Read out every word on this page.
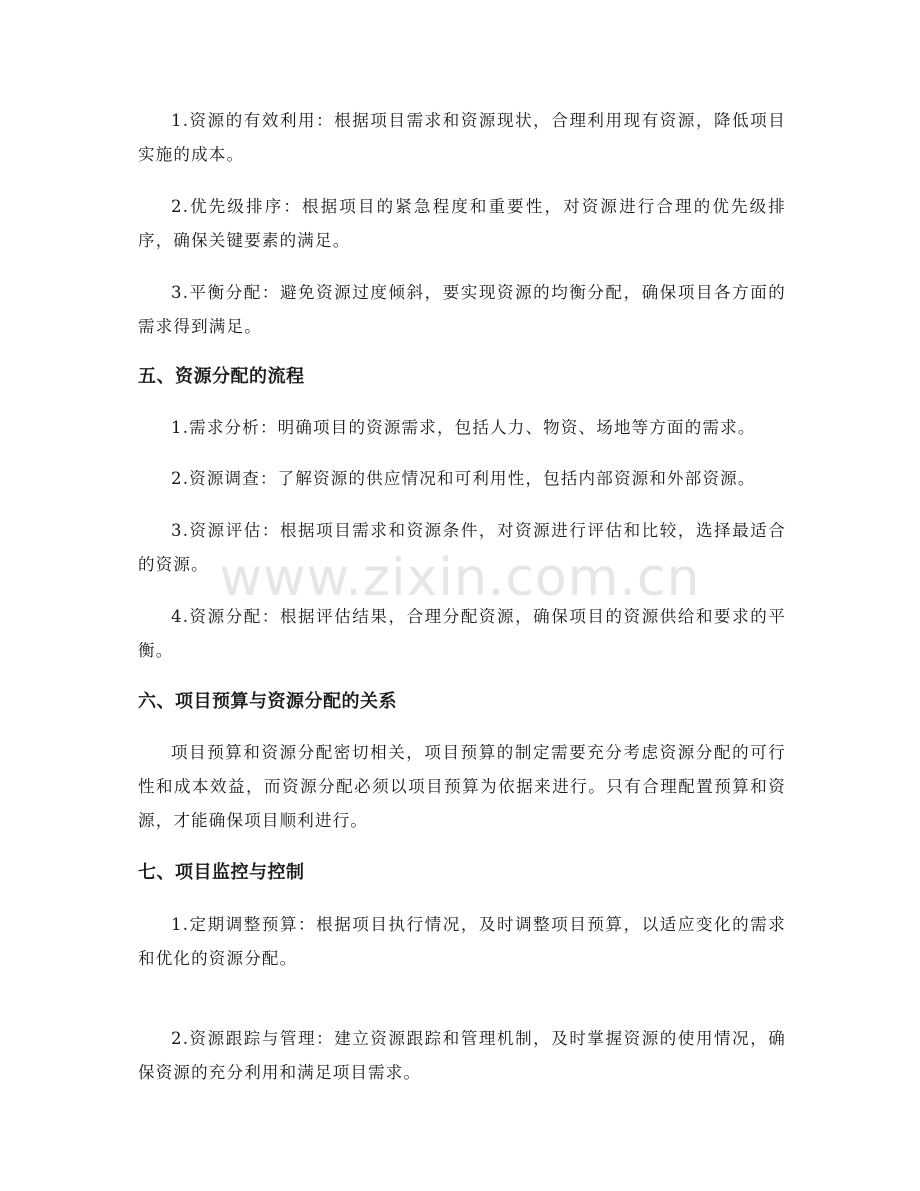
1.资源的有效利用：根据项目需求和资源现状，合理利用现有资源，降低项目实施的成本。

2.优先级排序：根据项目的紧急程度和重要性，对资源进行合理的优先级排序，确保关键要素的满足。

3.平衡分配：避免资源过度倾斜，要实现资源的均衡分配，确保项目各方面的需求得到满足。

五、资源分配的流程

1.需求分析：明确项目的资源需求，包括人力、物资、场地等方面的需求。

2.资源调查：了解资源的供应情况和可利用性，包括内部资源和外部资源。

3.资源评估：根据项目需求和资源条件，对资源进行评估和比较，选择最适合的资源。

4.资源分配：根据评估结果，合理分配资源，确保项目的资源供给和要求的平衡。

六、项目预算与资源分配的关系

项目预算和资源分配密切相关，项目预算的制定需要充分考虑资源分配的可行性和成本效益，而资源分配必须以项目预算为依据来进行。只有合理配置预算和资源，才能确保项目顺利进行。

七、项目监控与控制

1.定期调整预算：根据项目执行情况，及时调整项目预算，以适应变化的需求和优化的资源分配。

2.资源跟踪与管理：建立资源跟踪和管理机制，及时掌握资源的使用情况，确保资源的充分利用和满足项目需求。

www.zixin.com.cn
